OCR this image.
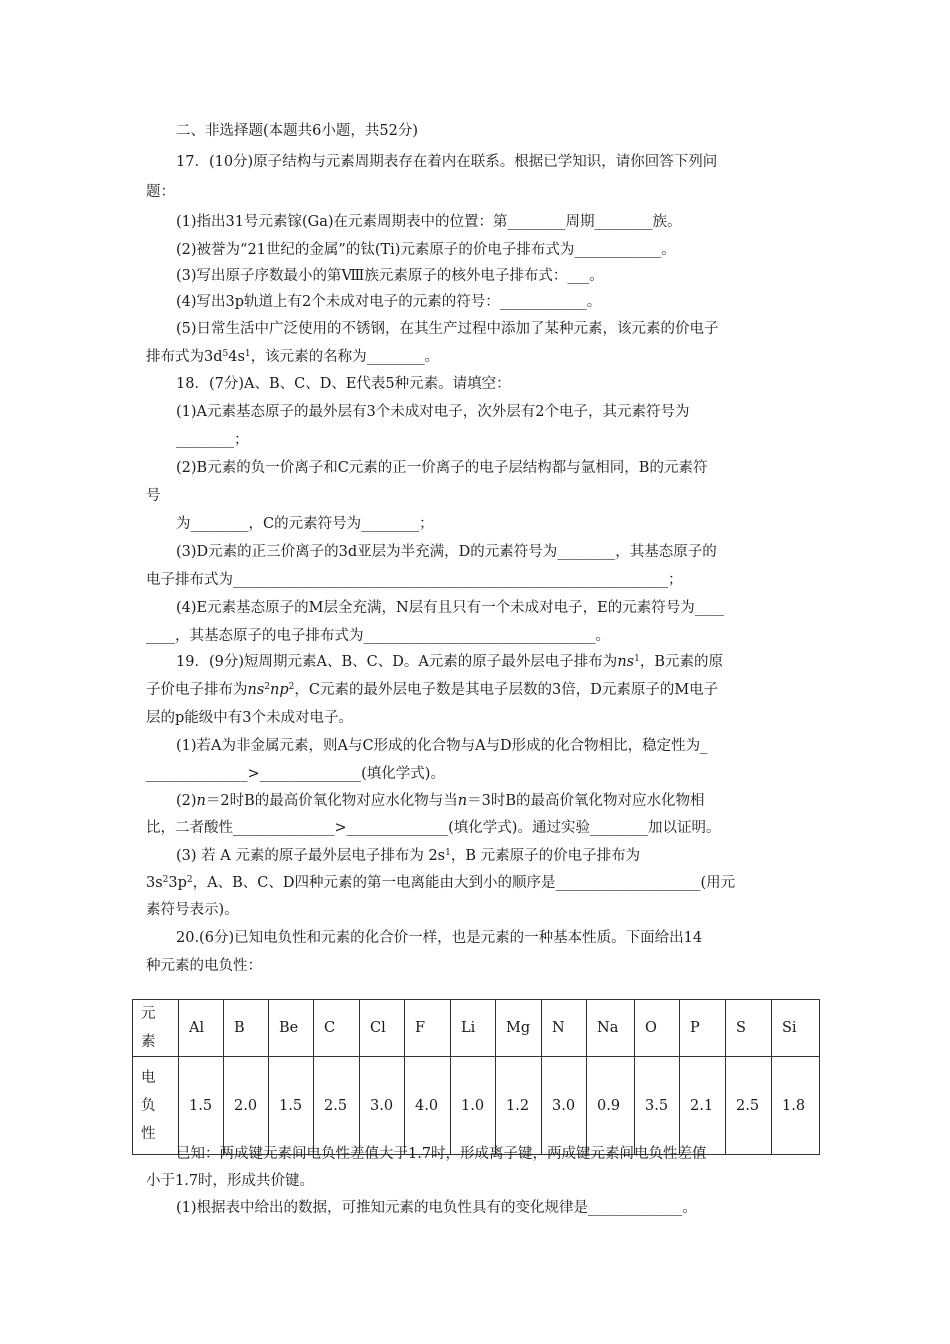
二、非选择题(本题共6小题，共52分)
17．(10分)原子结构与元素周期表存在着内在联系。根据已学知识，请你回答下列问
题：
(1)指出31号元素镓(Ga)在元素周期表中的位置：第________周期________族。
(2)被誉为“21世纪的金属”的钛(Ti)元素原子的价电子排布式为____________。
(3)写出原子序数最小的第Ⅷ族元素原子的核外电子排布式：___。
(4)写出3p轨道上有2个未成对电子的元素的符号：____________。
(5)日常生活中广泛使用的不锈钢，在其生产过程中添加了某种元素，该元素的价电子
排布式为$3d^54s^1$，该元素的名称为________。
18．(7分)A、B、C、D、E代表5种元素。请填空：
(1)A元素基态原子的最外层有3个未成对电子，次外层有2个电子，其元素符号为
________；
(2)B元素的负一价离子和C元素的正一价离子的电子层结构都与氩相同，B的元素符
号
为________，C的元素符号为________；
(3)D元素的正三价离子的3d亚层为半充满，D的元素符号为________，其基态原子的
电子排布式为____________________________________________________________；
(4)E元素基态原子的M层全充满，N层有且只有一个未成对电子，E的元素符号为____
____，其基态原子的电子排布式为________________________________。
19．(9分)短周期元素A、B、C、D。A元素的原子最外层电子排布为$ns^1$，B元素的原
子价电子排布为$ns^2np^2$，C元素的最外层电子数是其电子层数的3倍，D元素原子的M电子
层的p能级中有3个未成对电子。
(1)若A为非金属元素，则A与C形成的化合物与A与D形成的化合物相比，稳定性为_
______________>______________(填化学式)。
(2)n＝2时B的最高价氧化物对应水化物与当n＝3时B的最高价氧化物对应水化物相
比，二者酸性______________>______________(填化学式)。通过实验________加以证明。
(3) 若 A 元素的原子最外层电子排布为 $2s^1$，B 元素原子的价电子排布为
$3s^23p^2$，A、B、C、D四种元素的第一电离能由大到小的顺序是____________________(用元
素符号表示)。
20.(6分)已知电负性和元素的化合价一样，也是元素的一种基本性质。下面给出14
种元素的电负性：
元
素	Al	B	Be	C	Cl	F	Li	Mg	N	Na	O	P	S	Si
电
负
性	1.5	2.0	1.5	2.5	3.0	4.0	1.0	1.2	3.0	0.9	3.5	2.1	2.5	1.8
已知：两成键元素间电负性差值大于1.7时，形成离子键，两成键元素间电负性差值
小于1.7时，形成共价键。
(1)根据表中给出的数据，可推知元素的电负性具有的变化规律是_____________。
